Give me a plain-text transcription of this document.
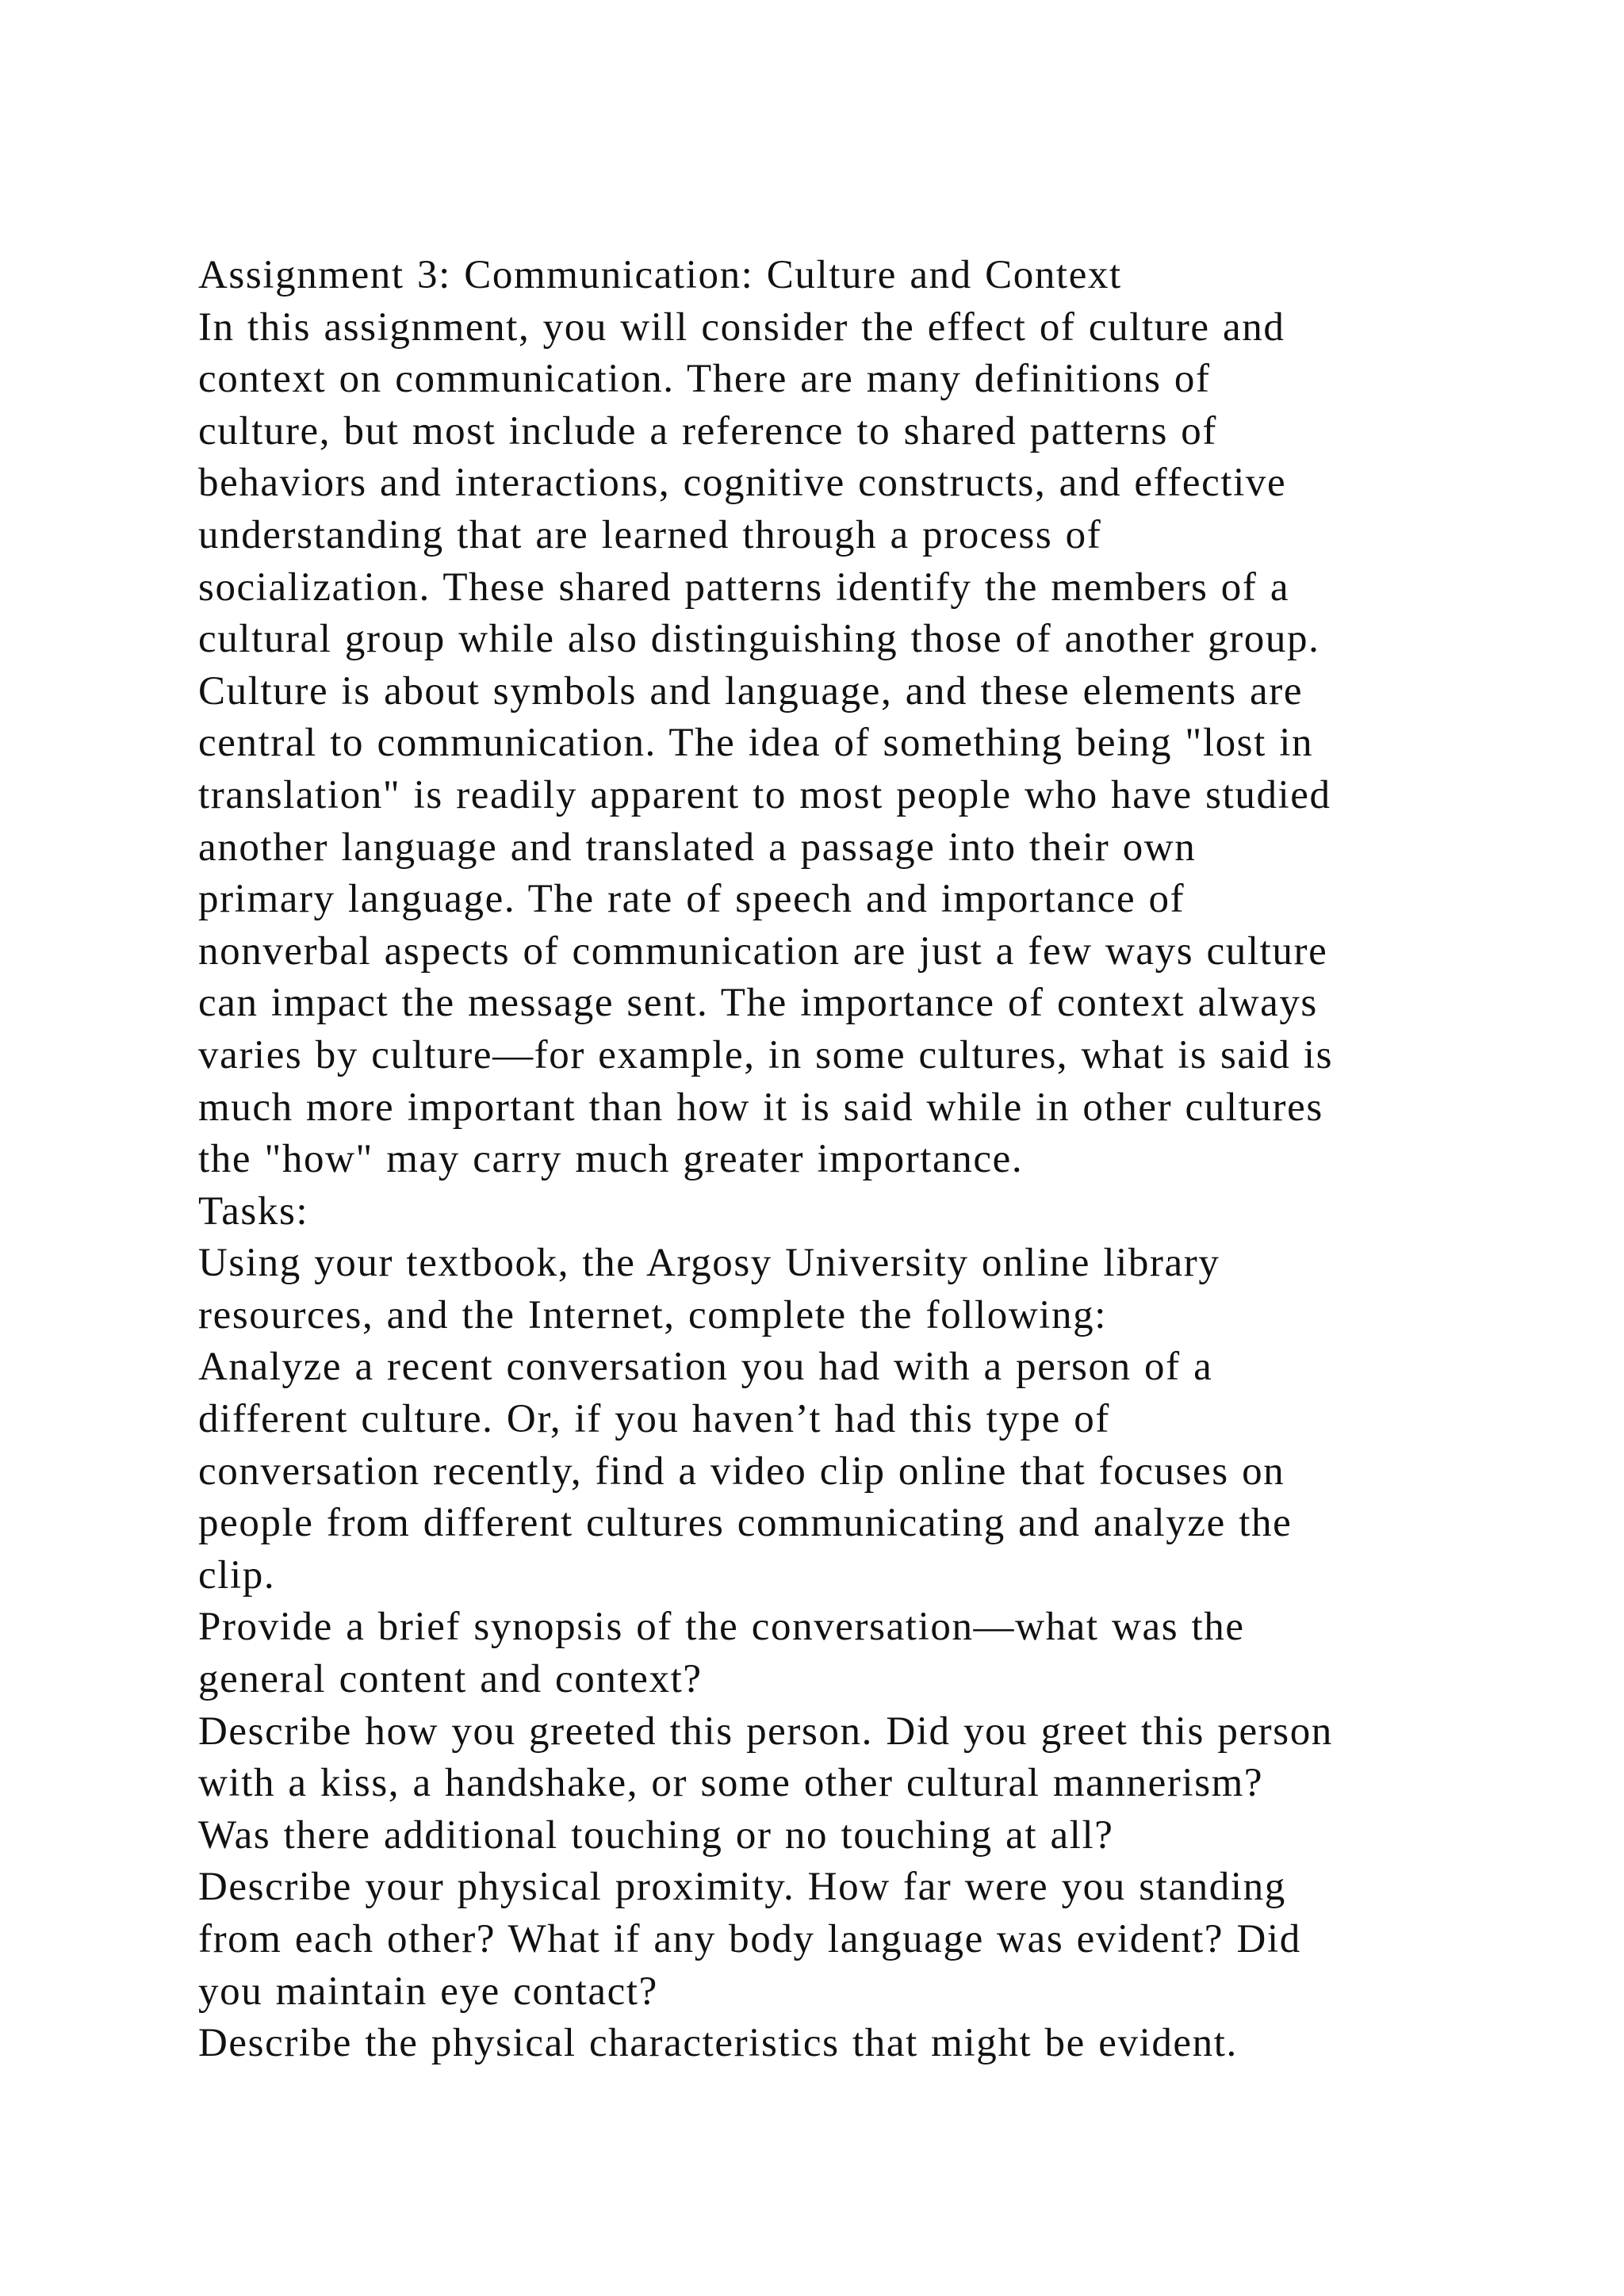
Assignment 3: Communication: Culture and Context
In this assignment, you will consider the effect of culture and
context on communication. There are many definitions of
culture, but most include a reference to shared patterns of
behaviors and interactions, cognitive constructs, and effective
understanding that are learned through a process of
socialization. These shared patterns identify the members of a
cultural group while also distinguishing those of another group.
Culture is about symbols and language, and these elements are
central to communication. The idea of something being "lost in
translation" is readily apparent to most people who have studied
another language and translated a passage into their own
primary language. The rate of speech and importance of
nonverbal aspects of communication are just a few ways culture
can impact the message sent. The importance of context always
varies by culture—for example, in some cultures, what is said is
much more important than how it is said while in other cultures
the "how" may carry much greater importance.
Tasks:
Using your textbook, the Argosy University online library
resources, and the Internet, complete the following:
Analyze a recent conversation you had with a person of a
different culture. Or, if you haven’t had this type of
conversation recently, find a video clip online that focuses on
people from different cultures communicating and analyze the
clip.
Provide a brief synopsis of the conversation—what was the
general content and context?
Describe how you greeted this person. Did you greet this person
with a kiss, a handshake, or some other cultural mannerism?
Was there additional touching or no touching at all?
Describe your physical proximity. How far were you standing
from each other? What if any body language was evident? Did
you maintain eye contact?
Describe the physical characteristics that might be evident.
